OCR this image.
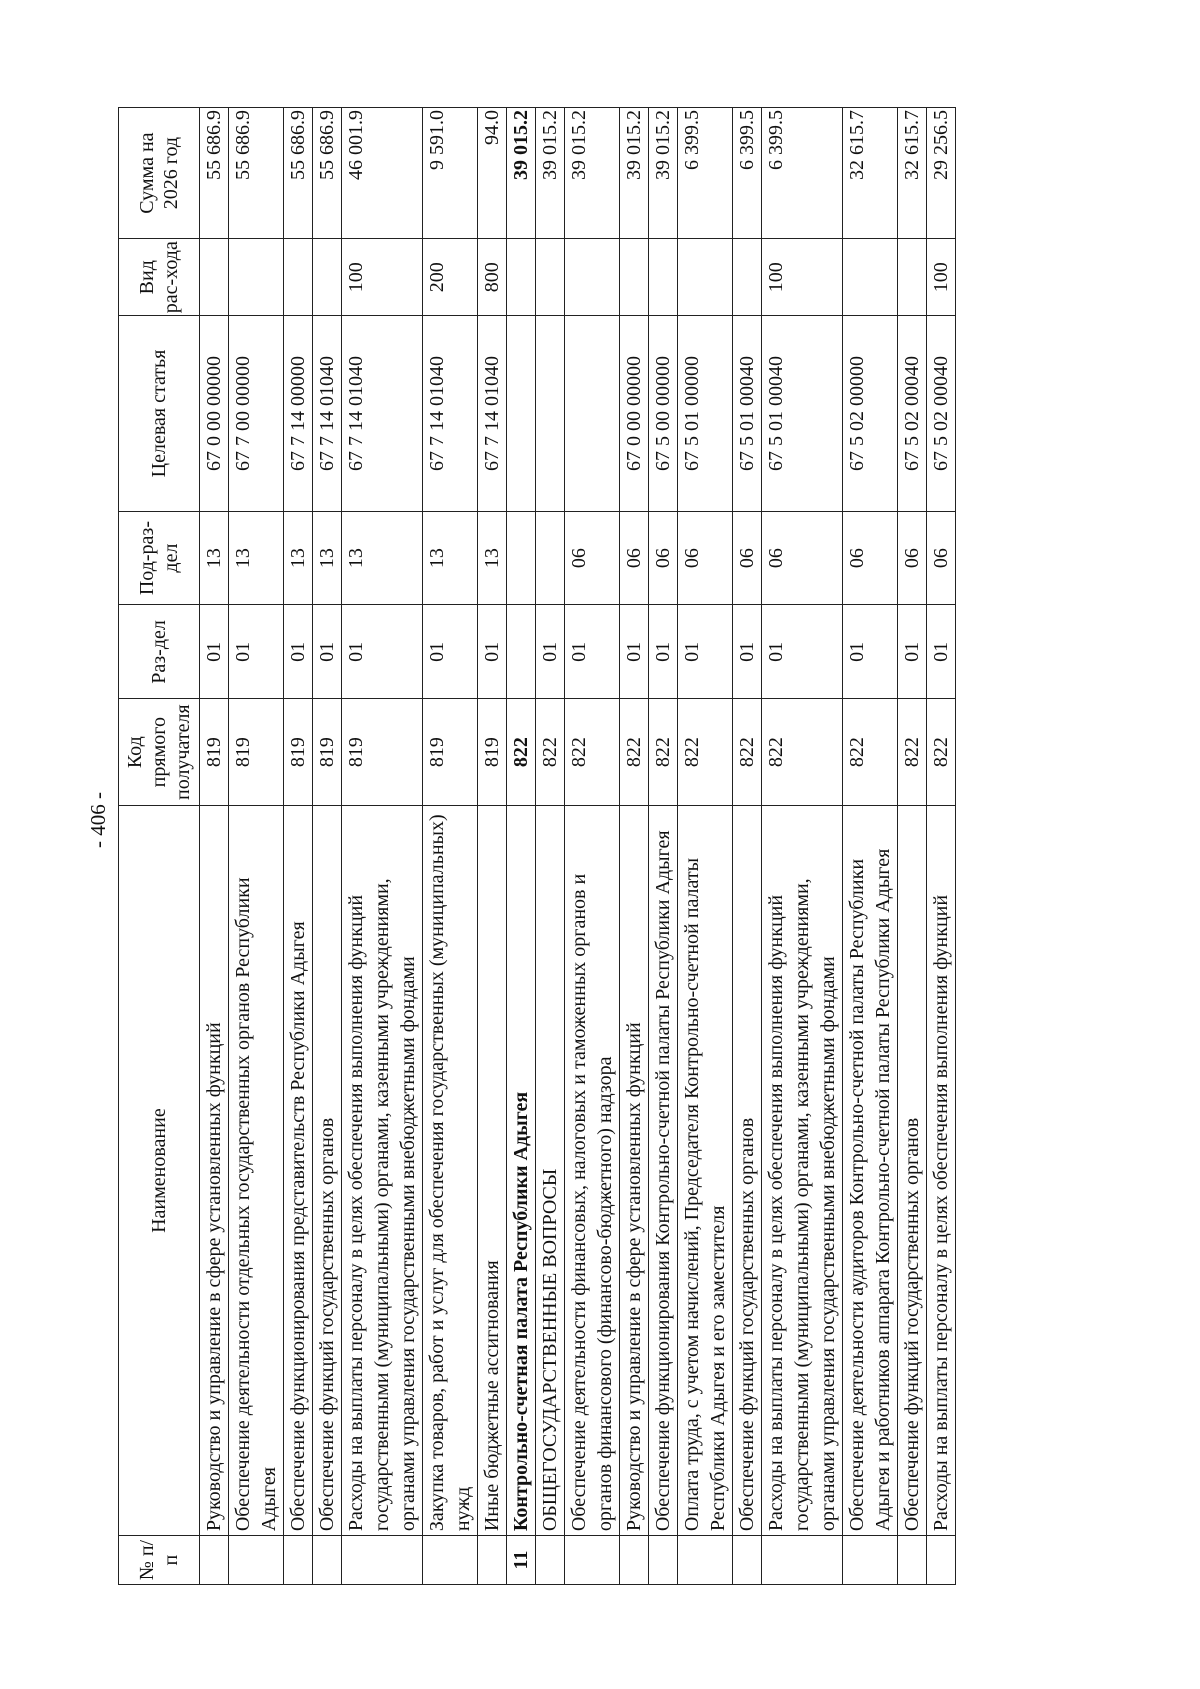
- 406 -
№ п/п	Наименование	Код прямого получателя	Раз-дел	Под-раз-дел	Целевая статья	Вид рас-хода	Сумма на 2026 год
	Руководство и управление в сфере установленных функций	819	01	13	67 0 00 00000		55 686.9
	Обеспечение деятельности отдельных государственных органов Республики Адыгея	819	01	13	67 7 00 00000		55 686.9
	Обеспечение функционирования представительств Республики Адыгея	819	01	13	67 7 14 00000		55 686.9
	Обеспечение функций государственных органов	819	01	13	67 7 14 01040		55 686.9
	Расходы на выплаты персоналу в целях обеспечения выполнения функций государственными (муниципальными) органами, казенными учреждениями, органами управления государственными внебюджетными фондами	819	01	13	67 7 14 01040	100	46 001.9
	Закупка товаров, работ и услуг для обеспечения государственных (муниципальных) нужд	819	01	13	67 7 14 01040	200	9 591.0
	Иные бюджетные ассигнования	819	01	13	67 7 14 01040	800	94.0
11	Контрольно-счетная палата Республики Адыгея	822					39 015.2
	ОБЩЕГОСУДАРСТВЕННЫЕ ВОПРОСЫ	822	01				39 015.2
	Обеспечение деятельности финансовых, налоговых и таможенных органов и органов финансового (финансово-бюджетного) надзора	822	01	06			39 015.2
	Руководство и управление в сфере установленных функций	822	01	06	67 0 00 00000		39 015.2
	Обеспечение функционирования Контрольно-счетной палаты Республики Адыгея	822	01	06	67 5 00 00000		39 015.2
	Оплата труда, с учетом начислений, Председателя Контрольно-счетной палаты Республики Адыгея и его заместителя	822	01	06	67 5 01 00000		6 399.5
	Обеспечение функций государственных органов	822	01	06	67 5 01 00040		6 399.5
	Расходы на выплаты персоналу в целях обеспечения выполнения функций государственными (муниципальными) органами, казенными учреждениями, органами управления государственными внебюджетными фондами	822	01	06	67 5 01 00040	100	6 399.5
	Обеспечение деятельности аудиторов Контрольно-счетной палаты Республики Адыгея и работников аппарата Контрольно-счетной палаты Республики Адыгея	822	01	06	67 5 02 00000		32 615.7
	Обеспечение функций государственных органов	822	01	06	67 5 02 00040		32 615.7
	Расходы на выплаты персоналу в целях обеспечения выполнения функций	822	01	06	67 5 02 00040	100	29 256.5
